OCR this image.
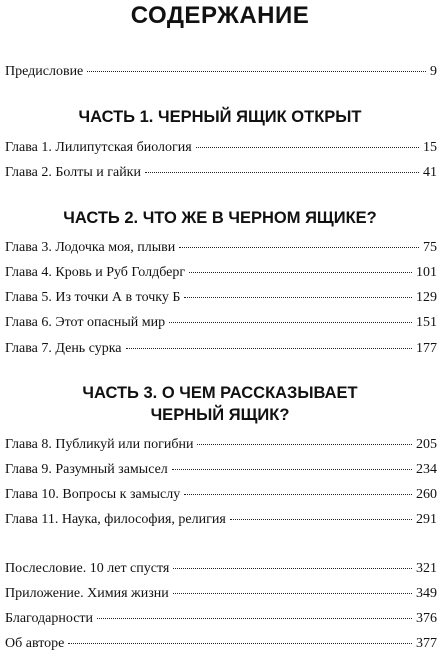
СОДЕРЖАНИЕ
Предисловие	9
ЧАСТЬ 1. ЧЕРНЫЙ ЯЩИК ОТКРЫТ
Глава 1. Лилипутская биология	15
Глава 2. Болты и гайки	41
ЧАСТЬ 2. ЧТО ЖЕ В ЧЕРНОМ ЯЩИКЕ?
Глава 3. Лодочка моя, плыви	75
Глава 4. Кровь и Руб Голдберг	101
Глава 5. Из точки А в точку Б	129
Глава 6. Этот опасный мир	151
Глава 7. День сурка	177
ЧАСТЬ 3. О ЧЕМ РАССКАЗЫВАЕТ
ЧЕРНЫЙ ЯЩИК?
Глава 8. Публикуй или погибни	205
Глава 9. Разумный замысел	234
Глава 10. Вопросы к замыслу	260
Глава 11. Наука, философия, религия	291
Послесловие. 10 лет спустя	321
Приложение. Химия жизни	349
Благодарности	376
Об авторе	377
